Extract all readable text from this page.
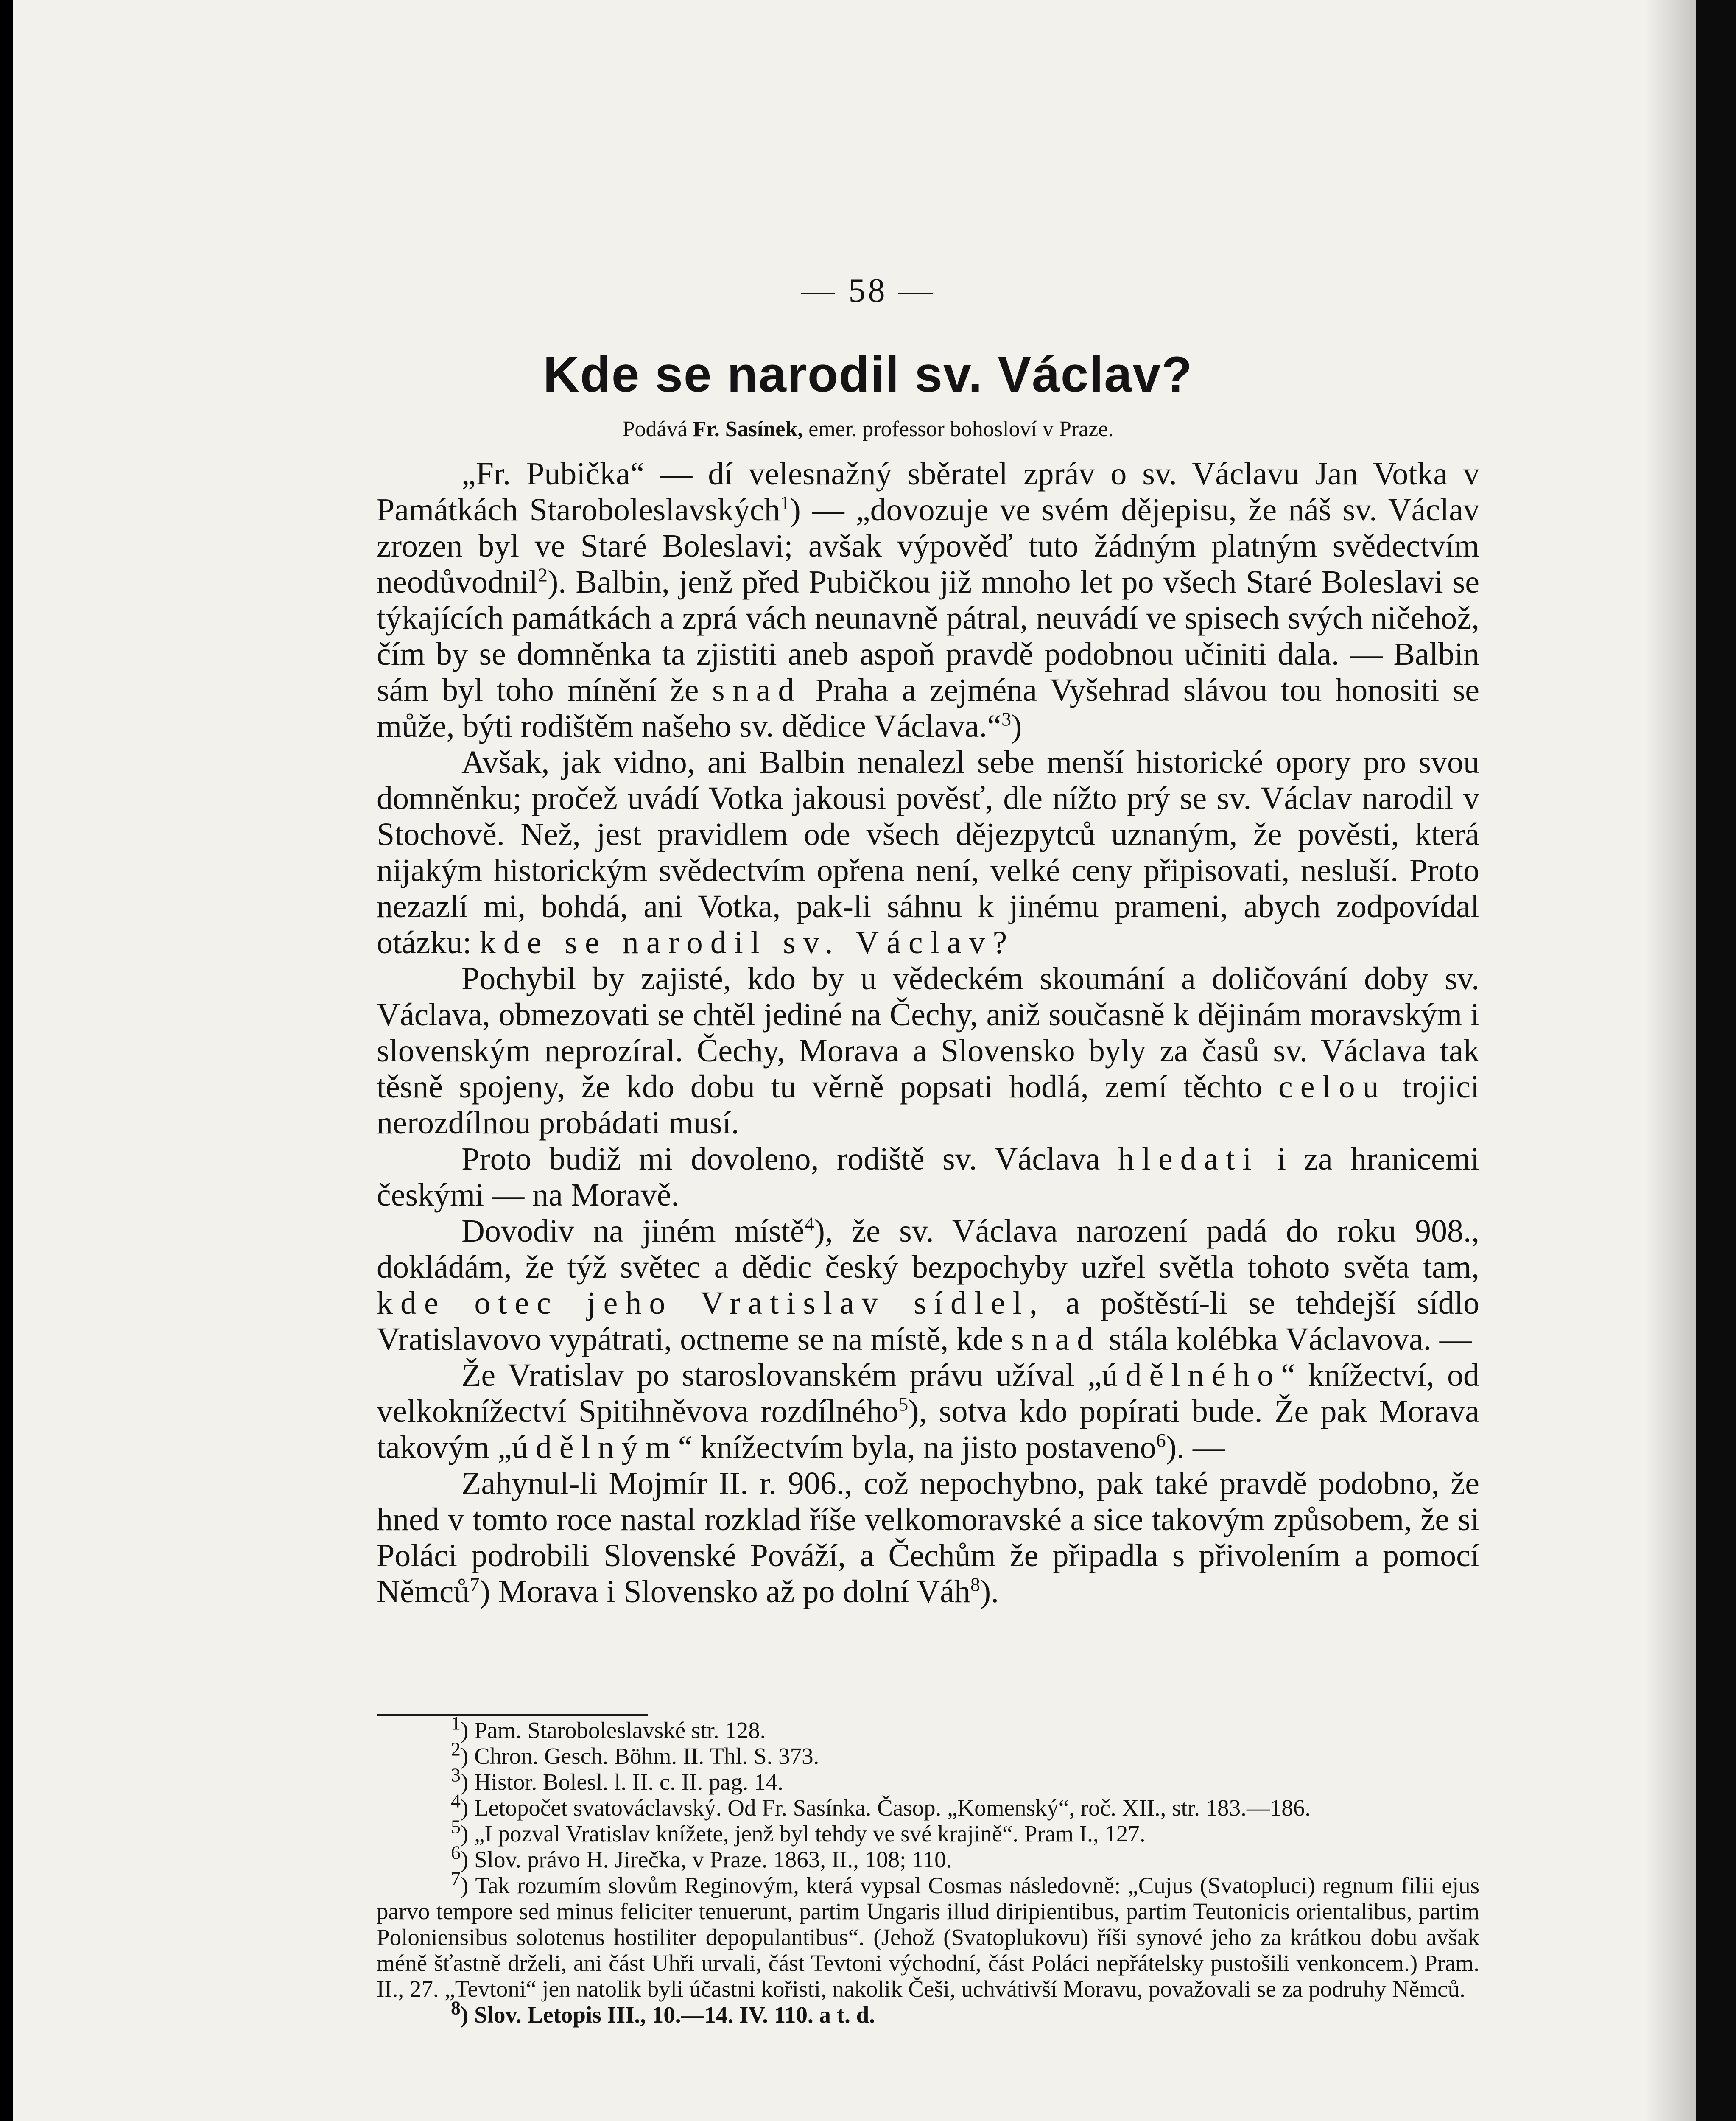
— 58 —
Kde se narodil sv. Václav?
Podává Fr. Sasínek, emer. professor bohosloví v Praze.

„Fr. Pubička“ — dí velesnažný sběratel zpráv o sv. Václavu Jan Votka v Památkách Staroboleslavských$^1$) — „dovozuje ve svém dějepisu, že náš sv. Václav zrozen byl ve Staré Boleslavi; avšak výpověď tuto žádným platným svědectvím neodůvodnil$^2$). Balbin, jenž před Pubičkou již mnoho let po všech Staré Boleslavi se týkajících památkách a zprá vách neunavně pátral, neuvádí ve spisech svých ničehož, čím by se domněnka ta zjistiti aneb aspoň pravdě podobnou učiniti dala. — Balbin sám byl toho mínění že snad Praha a zejména Vyšehrad slávou tou honositi se může, býti rodištěm našeho sv. dědice Václava.“$^3$)

Avšak, jak vidno, ani Balbin nenalezl sebe menší historické opory pro svou domněnku; pročež uvádí Votka jakousi pověsť, dle nížto prý se sv. Václav narodil v Stochově. Než, jest pravidlem ode všech dějezpytců uznaným, že pověsti, která nijakým historickým svědectvím opřena není, velké ceny připisovati, nesluší. Proto nezazlí mi, bohdá, ani Votka, pak-li sáhnu k jinému prameni, abych zodpovídal otázku: kde se narodil sv. Václav?

Pochybil by zajisté, kdo by u vědeckém skoumání a doličování doby sv. Václava, obmezovati se chtěl jediné na Čechy, aniž současně k dějinám moravským i slovenským neprozíral. Čechy, Morava a Slovensko byly za časů sv. Václava tak těsně spojeny, že kdo dobu tu věrně popsati hodlá, zemí těchto celou trojici nerozdílnou probádati musí.

Proto budiž mi dovoleno, rodiště sv. Václava hledati i za hranicemi českými — na Moravě.

Dovodiv na jiném místě$^4$), že sv. Václava narození padá do roku 908., dokládám, že týž světec a dědic český bezpochyby uzřel světla tohoto světa tam, kde otec jeho Vratislav sídlel, a poštěstí-li se tehdejší sídlo Vratislavovo vypátrati, octneme se na místě, kde snad stála kolébka Václavova. —

Že Vratislav po staroslovanském právu užíval „údělného“ knížectví, od velkoknížectví Spitihněvova rozdílného$^5$), sotva kdo popírati bude. Že pak Morava takovým „údělným“ knížectvím byla, na jisto postaveno$^6$). —

Zahynul-li Mojmír II. r. 906., což nepochybno, pak také pravdě podobno, že hned v tomto roce nastal rozklad říše velkomoravské a sice takovým způsobem, že si Poláci podrobili Slovenské Pováží, a Čechům že připadla s přivolením a pomocí Němců$^7$) Morava i Slovensko až po dolní Váh$^8$).

$^1$) Pam. Staroboleslavské str. 128.

$^2$) Chron. Gesch. Böhm. II. Thl. S. 373.

$^3$) Histor. Bolesl. l. II. c. II. pag. 14.

$^4$) Letopočet svatováclavský. Od Fr. Sasínka. Časop. „Komenský“, roč. XII., str. 183.—186.

$^5$) „I pozval Vratislav knížete, jenž byl tehdy ve své krajině“. Pram I., 127.

$^6$) Slov. právo H. Jirečka, v Praze. 1863, II., 108; 110.

$^7$) Tak rozumím slovům Reginovým, která vypsal Cosmas následovně: „Cujus (Svatopluci) regnum filii ejus parvo tempore sed minus feliciter tenuerunt, partim Ungaris illud diripientibus, partim Teutonicis orientalibus, partim Poloniensibus solotenus hostiliter depopulantibus“. (Jehož (Svatoplukovu) říši synové jeho za krátkou dobu avšak méně šťastně drželi, ani část Uhři urvali, část Tevtoni východní, část Poláci nepřátelsky pustošili venkoncem.) Pram. II., 27. „Tevtoni“ jen natolik byli účastni kořisti, nakolik Češi, uchvátivší Moravu, považovali se za podruhy Němců.

$^8$) Slov. Letopis III., 10.—14. IV. 110. a t. d.
